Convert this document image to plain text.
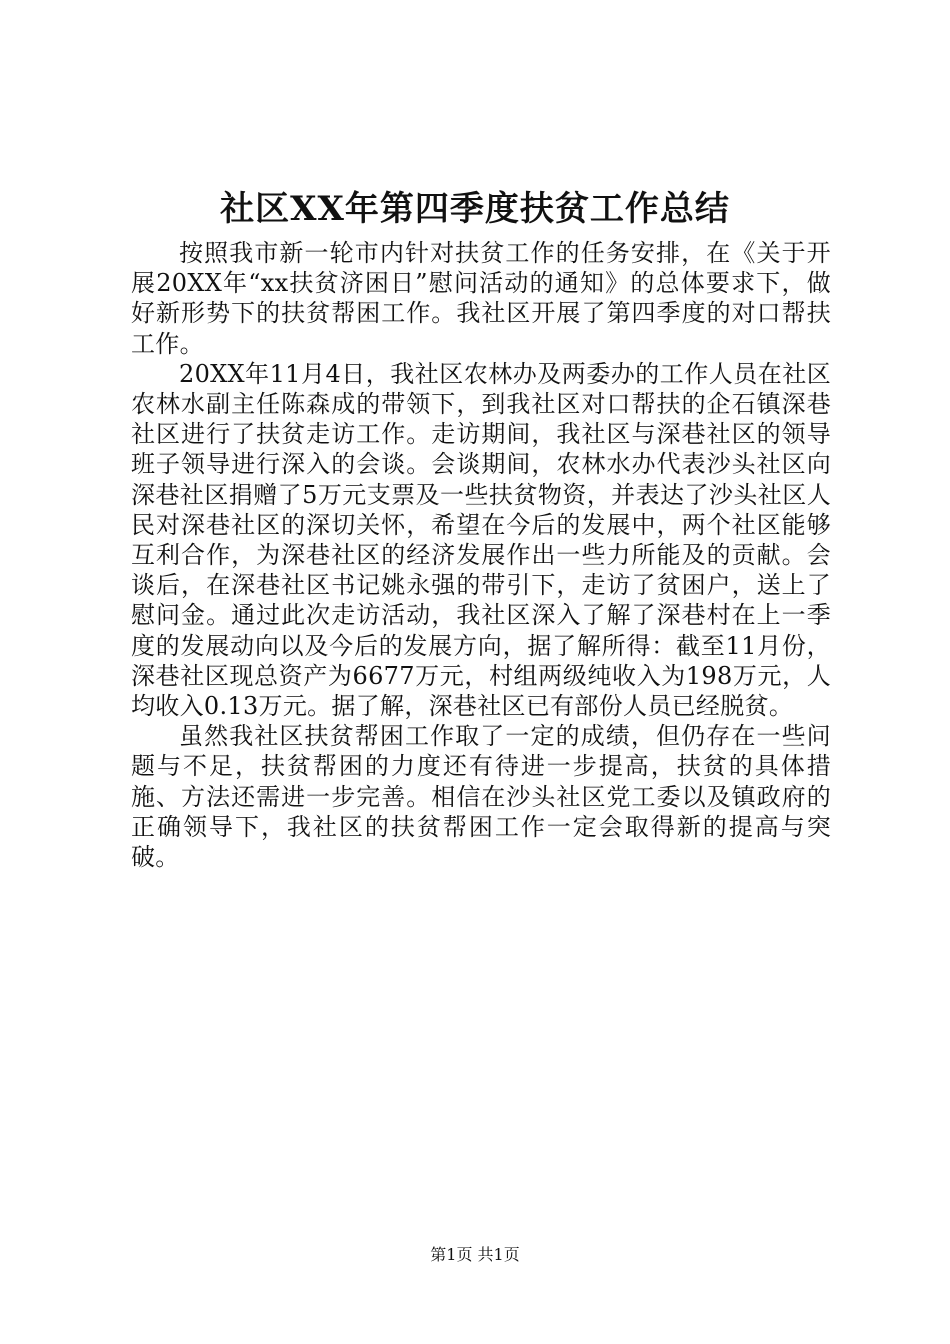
社区XX年第四季度扶贫工作总结

按照我市新一轮市内针对扶贫工作的任务安排，在《关于开展20XX年“xx扶贫济困日”慰问活动的通知》的总体要求下，做好新形势下的扶贫帮困工作。我社区开展了第四季度的对口帮扶工作。

20XX年11月4日，我社区农林办及两委办的工作人员在社区农林水副主任陈森成的带领下，到我社区对口帮扶的企石镇深巷社区进行了扶贫走访工作。走访期间，我社区与深巷社区的领导班子领导进行深入的会谈。会谈期间，农林水办代表沙头社区向深巷社区捐赠了5万元支票及一些扶贫物资，并表达了沙头社区人民对深巷社区的深切关怀，希望在今后的发展中，两个社区能够互利合作，为深巷社区的经济发展作出一些力所能及的贡献。会谈后，在深巷社区书记姚永强的带引下，走访了贫困户，送上了慰问金。通过此次走访活动，我社区深入了解了深巷村在上一季度的发展动向以及今后的发展方向，据了解所得：截至11月份，深巷社区现总资产为6677万元，村组两级纯收入为198万元，人均收入0.13万元。据了解，深巷社区已有部份人员已经脱贫。

虽然我社区扶贫帮困工作取了一定的成绩，但仍存在一些问题与不足，扶贫帮困的力度还有待进一步提高，扶贫的具体措施、方法还需进一步完善。相信在沙头社区党工委以及镇政府的正确领导下，我社区的扶贫帮困工作一定会取得新的提高与突破。

第1页 共1页
